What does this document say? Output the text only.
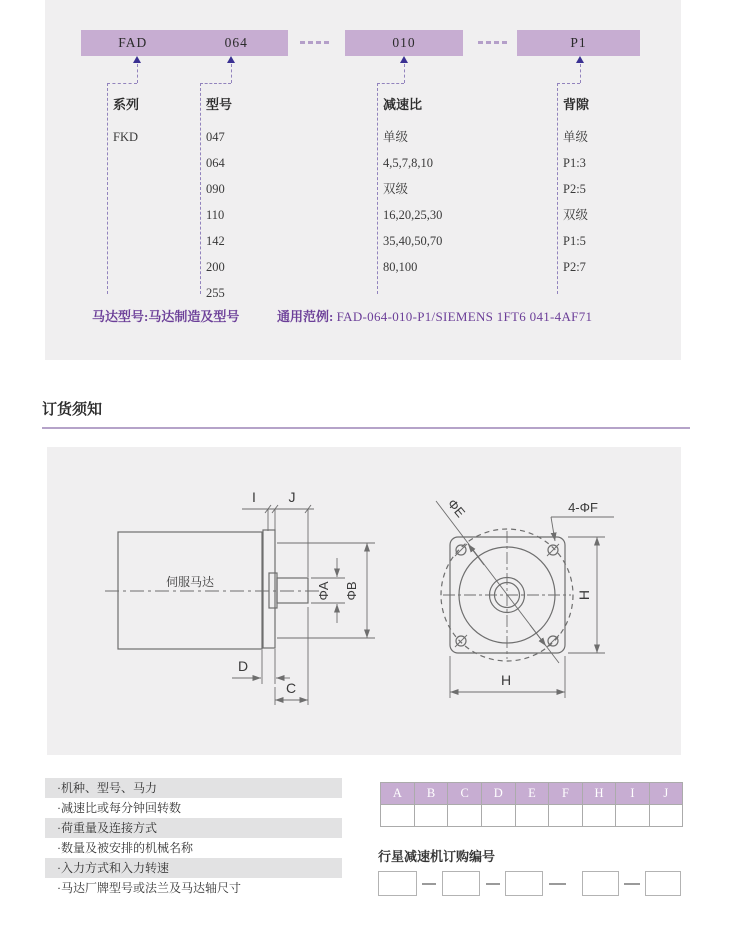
FAD	064	010	P1
系列
FKD
型号
047
064
090
110
142
200
255
减速比
单级
4,5,7,8,10
双级
16,20,25,30
35,40,50,70
80,100
背隙
单级
P1:3
P2:5
双级
P1:5
P2:7
马达型号:马达制造及型号	通用范例: FAD-064-010-P1/SIEMENS 1FT6 041-4AF71
订货须知
伺服马达
I J
ΦA ΦB
D
C
ΦE	4-ΦF
H
H
·机种、型号、马力
·减速比或每分钟回转数
·荷重量及连接方式
·数量及被安排的机械名称
·入力方式和入力转速
·马达厂牌型号或法兰及马达轴尺寸
A	B	C	D	E	F	H	I	J

行星减速机订购编号
